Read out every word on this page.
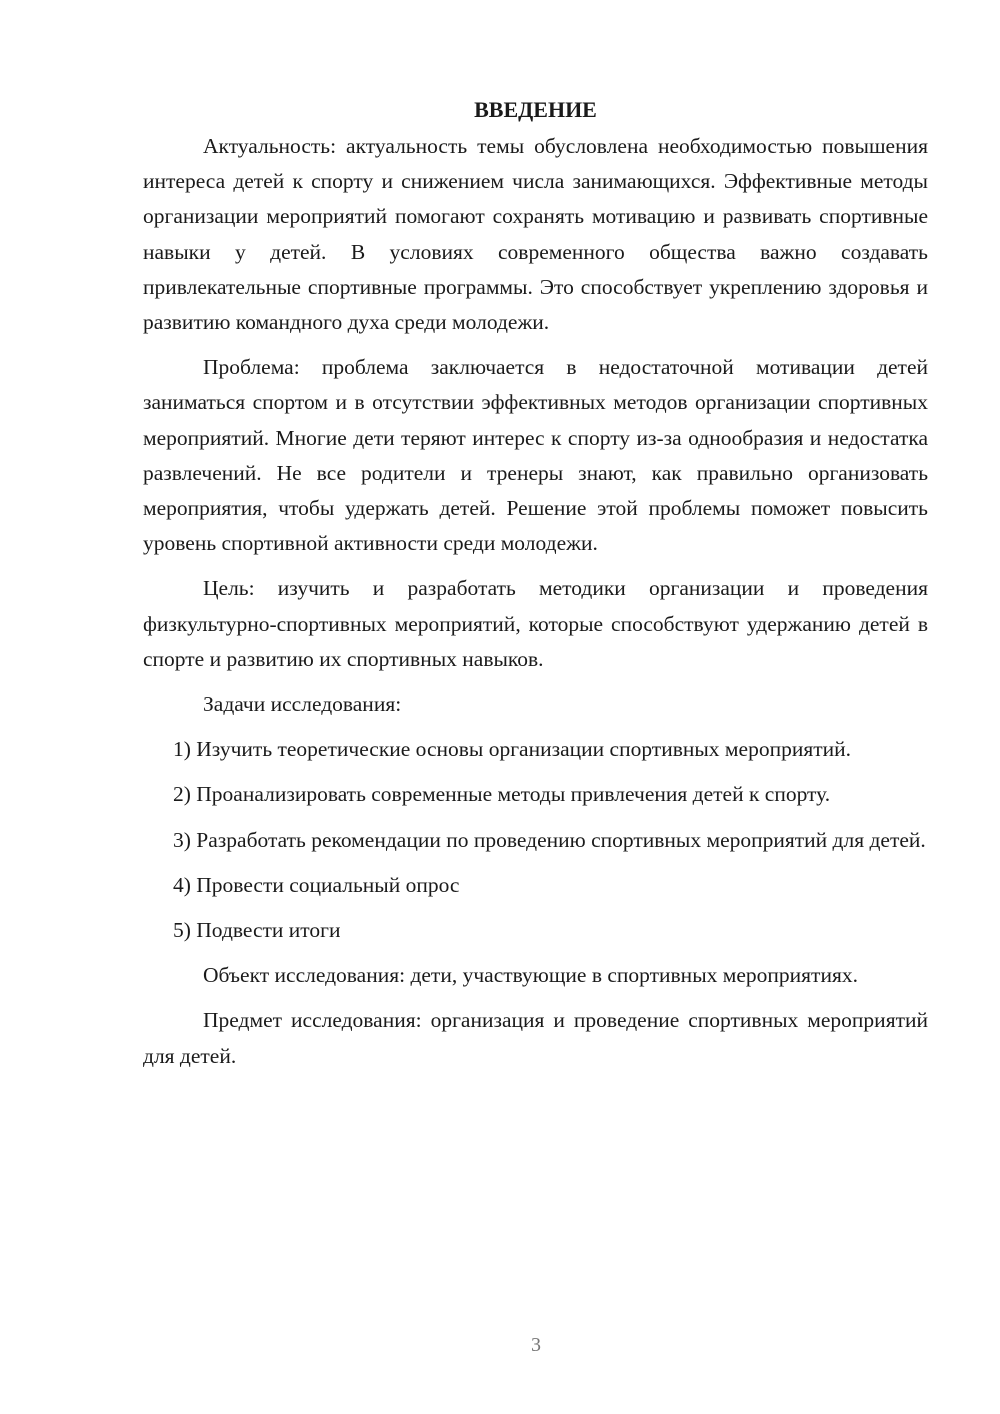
ВВЕДЕНИЕ

Актуальность: актуальность темы обусловлена необходимостью повышения интереса детей к спорту и снижением числа занимающихся. Эффективные методы организации мероприятий помогают сохранять мотивацию и развивать спортивные навыки у детей. В условиях современного общества важно создавать привлекательные спортивные программы. Это способствует укреплению здоровья и развитию командного духа среди молодежи.

Проблема: проблема заключается в недостаточной мотивации детей заниматься спортом и в отсутствии эффективных методов организации спортивных мероприятий. Многие дети теряют интерес к спорту из-за однообразия и недостатка развлечений. Не все родители и тренеры знают, как правильно организовать мероприятия, чтобы удержать детей. Решение этой проблемы поможет повысить уровень спортивной активности среди молодежи.

Цель: изучить и разработать методики организации и проведения физкультурно-спортивных мероприятий, которые способствуют удержанию детей в спорте и развитию их спортивных навыков.

Задачи исследования:

1) Изучить теоретические основы организации спортивных мероприятий.

2) Проанализировать современные методы привлечения детей к спорту.

3) Разработать рекомендации по проведению спортивных мероприятий для детей.

4) Провести социальный опрос

5) Подвести итоги

Объект исследования: дети, участвующие в спортивных мероприятиях.

Предмет исследования: организация и проведение спортивных мероприятий для детей.

3
